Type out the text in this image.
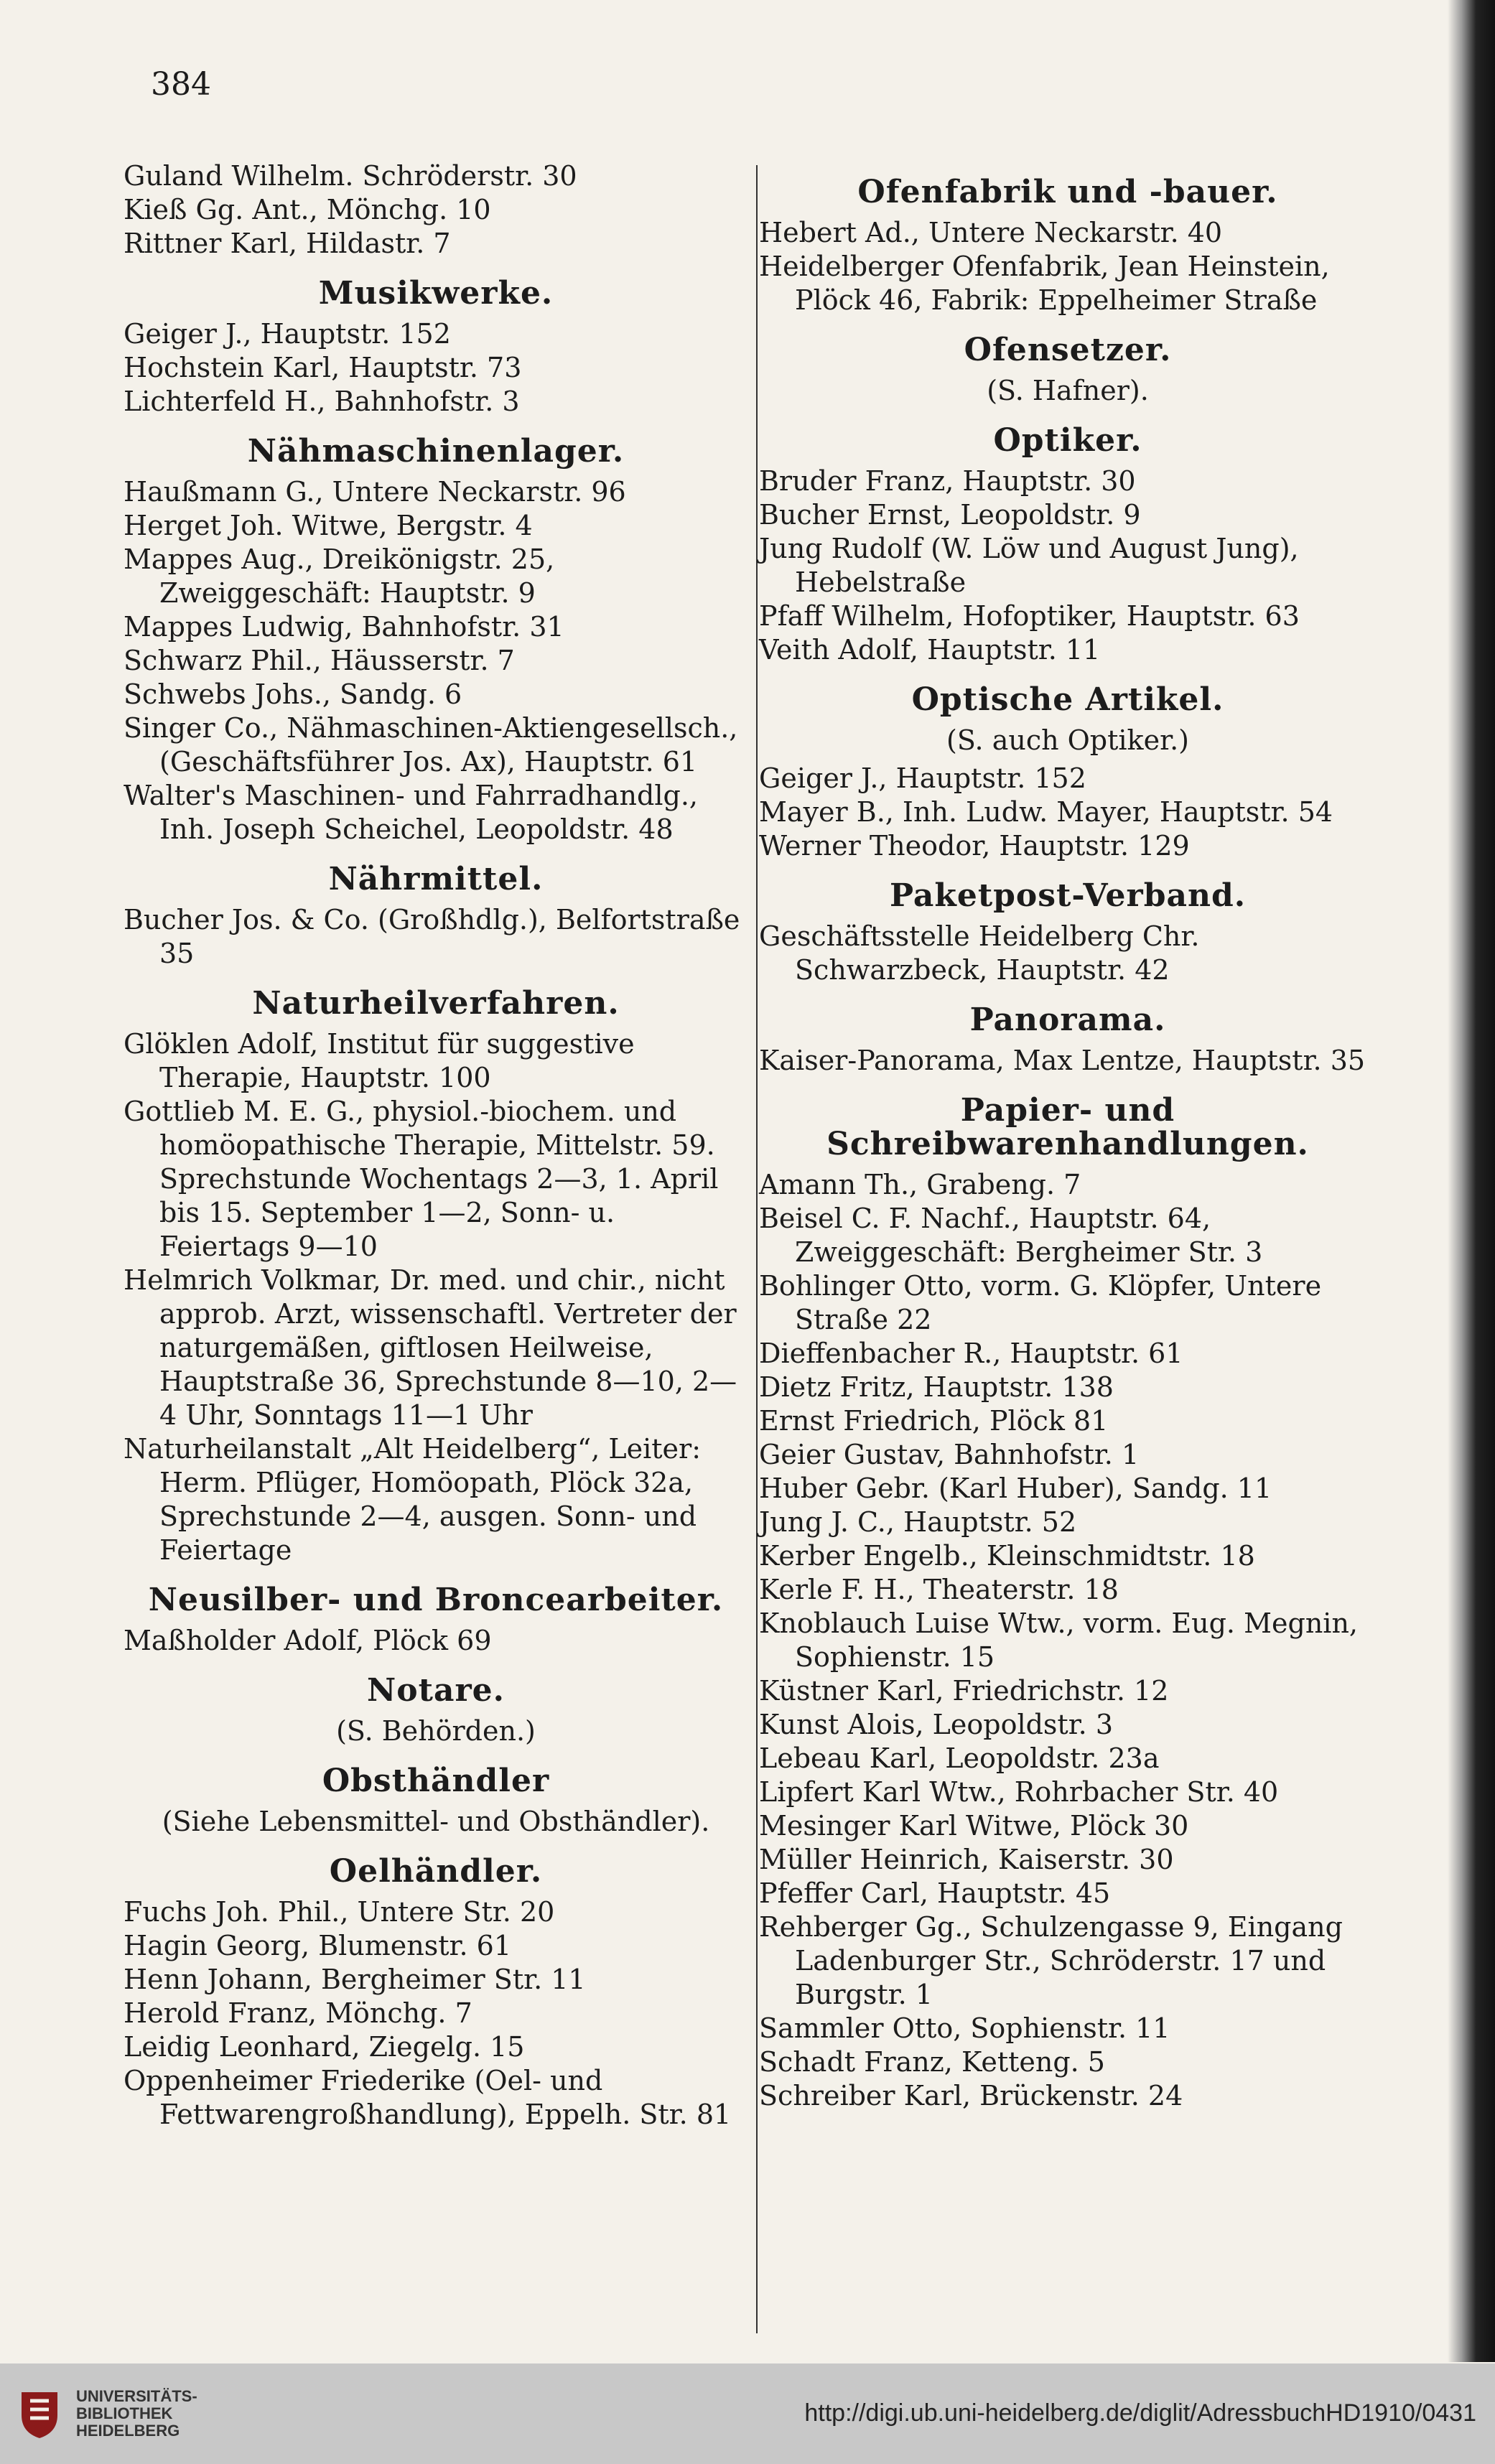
384
Guland Wilhelm. Schröderstr. 30
Kieß Gg. Ant., Mönchg. 10
Rittner Karl, Hildastr. 7
Musikwerke.
Geiger J., Hauptstr. 152
Hochstein Karl, Hauptstr. 73
Lichterfeld H., Bahnhofstr. 3
Nähmaschinenlager.
Haußmann G., Untere Neckarstr. 96
Herget Joh. Witwe, Bergstr. 4
Mappes Aug., Dreikönigstr. 25, Zweiggeschäft: Hauptstr. 9
Mappes Ludwig, Bahnhofstr. 31
Schwarz Phil., Häusserstr. 7
Schwebs Johs., Sandg. 6
Singer Co., Nähmaschinen-Aktiengesellsch., (Geschäftsführer Jos. Ax), Hauptstr. 61
Walter's Maschinen- und Fahrradhandlg., Inh. Joseph Scheichel, Leopoldstr. 48
Nährmittel.
Bucher Jos. & Co. (Großhdlg.), Belfortstraße 35
Naturheilverfahren.
Glöklen Adolf, Institut für suggestive Therapie, Hauptstr. 100
Gottlieb M. E. G., physiol.-biochem. und homöopathische Therapie, Mittelstr. 59. Sprechstunde Wochentags 2—3, 1. April bis 15. September 1—2, Sonn- u. Feiertags 9—10
Helmrich Volkmar, Dr. med. und chir., nicht approb. Arzt, wissenschaftl. Vertreter der naturgemäßen, giftlosen Heilweise, Hauptstraße 36, Sprechstunde 8—10, 2—4 Uhr, Sonntags 11—1 Uhr
Naturheilanstalt „Alt Heidelberg“, Leiter: Herm. Pflüger, Homöopath, Plöck 32a, Sprechstunde 2—4, ausgen. Sonn- und Feiertage
Neusilber- und Broncearbeiter.
Maßholder Adolf, Plöck 69
Notare.
(S. Behörden.)
Obsthändler
(Siehe Lebensmittel- und Obsthändler).
Oelhändler.
Fuchs Joh. Phil., Untere Str. 20
Hagin Georg, Blumenstr. 61
Henn Johann, Bergheimer Str. 11
Herold Franz, Mönchg. 7
Leidig Leonhard, Ziegelg. 15
Oppenheimer Friederike (Oel- und Fettwarengroßhandlung), Eppelh. Str. 81
Ofenfabrik und -bauer.
Hebert Ad., Untere Neckarstr. 40
Heidelberger Ofenfabrik, Jean Heinstein, Plöck 46, Fabrik: Eppelheimer Straße
Ofensetzer.
(S. Hafner).
Optiker.
Bruder Franz, Hauptstr. 30
Bucher Ernst, Leopoldstr. 9
Jung Rudolf (W. Löw und August Jung), Hebelstraße
Pfaff Wilhelm, Hofoptiker, Hauptstr. 63
Veith Adolf, Hauptstr. 11
Optische Artikel.
(S. auch Optiker.)
Geiger J., Hauptstr. 152
Mayer B., Inh. Ludw. Mayer, Hauptstr. 54
Werner Theodor, Hauptstr. 129
Paketpost-Verband.
Geschäftsstelle Heidelberg Chr. Schwarzbeck, Hauptstr. 42
Panorama.
Kaiser-Panorama, Max Lentze, Hauptstr. 35
Papier- und Schreibwarenhandlungen.
Amann Th., Grabeng. 7
Beisel C. F. Nachf., Hauptstr. 64, Zweiggeschäft: Bergheimer Str. 3
Bohlinger Otto, vorm. G. Klöpfer, Untere Straße 22
Dieffenbacher R., Hauptstr. 61
Dietz Fritz, Hauptstr. 138
Ernst Friedrich, Plöck 81
Geier Gustav, Bahnhofstr. 1
Huber Gebr. (Karl Huber), Sandg. 11
Jung J. C., Hauptstr. 52
Kerber Engelb., Kleinschmidtstr. 18
Kerle F. H., Theaterstr. 18
Knoblauch Luise Wtw., vorm. Eug. Megnin, Sophienstr. 15
Küstner Karl, Friedrichstr. 12
Kunst Alois, Leopoldstr. 3
Lebeau Karl, Leopoldstr. 23a
Lipfert Karl Wtw., Rohrbacher Str. 40
Mesinger Karl Witwe, Plöck 30
Müller Heinrich, Kaiserstr. 30
Pfeffer Carl, Hauptstr. 45
Rehberger Gg., Schulzengasse 9, Eingang Ladenburger Str., Schröderstr. 17 und Burgstr. 1
Sammler Otto, Sophienstr. 11
Schadt Franz, Ketteng. 5
Schreiber Karl, Brückenstr. 24
UNIVERSITÄTS-
BIBLIOTHEK
HEIDELBERG
http://digi.ub.uni-heidelberg.de/diglit/AdressbuchHD1910/0431
